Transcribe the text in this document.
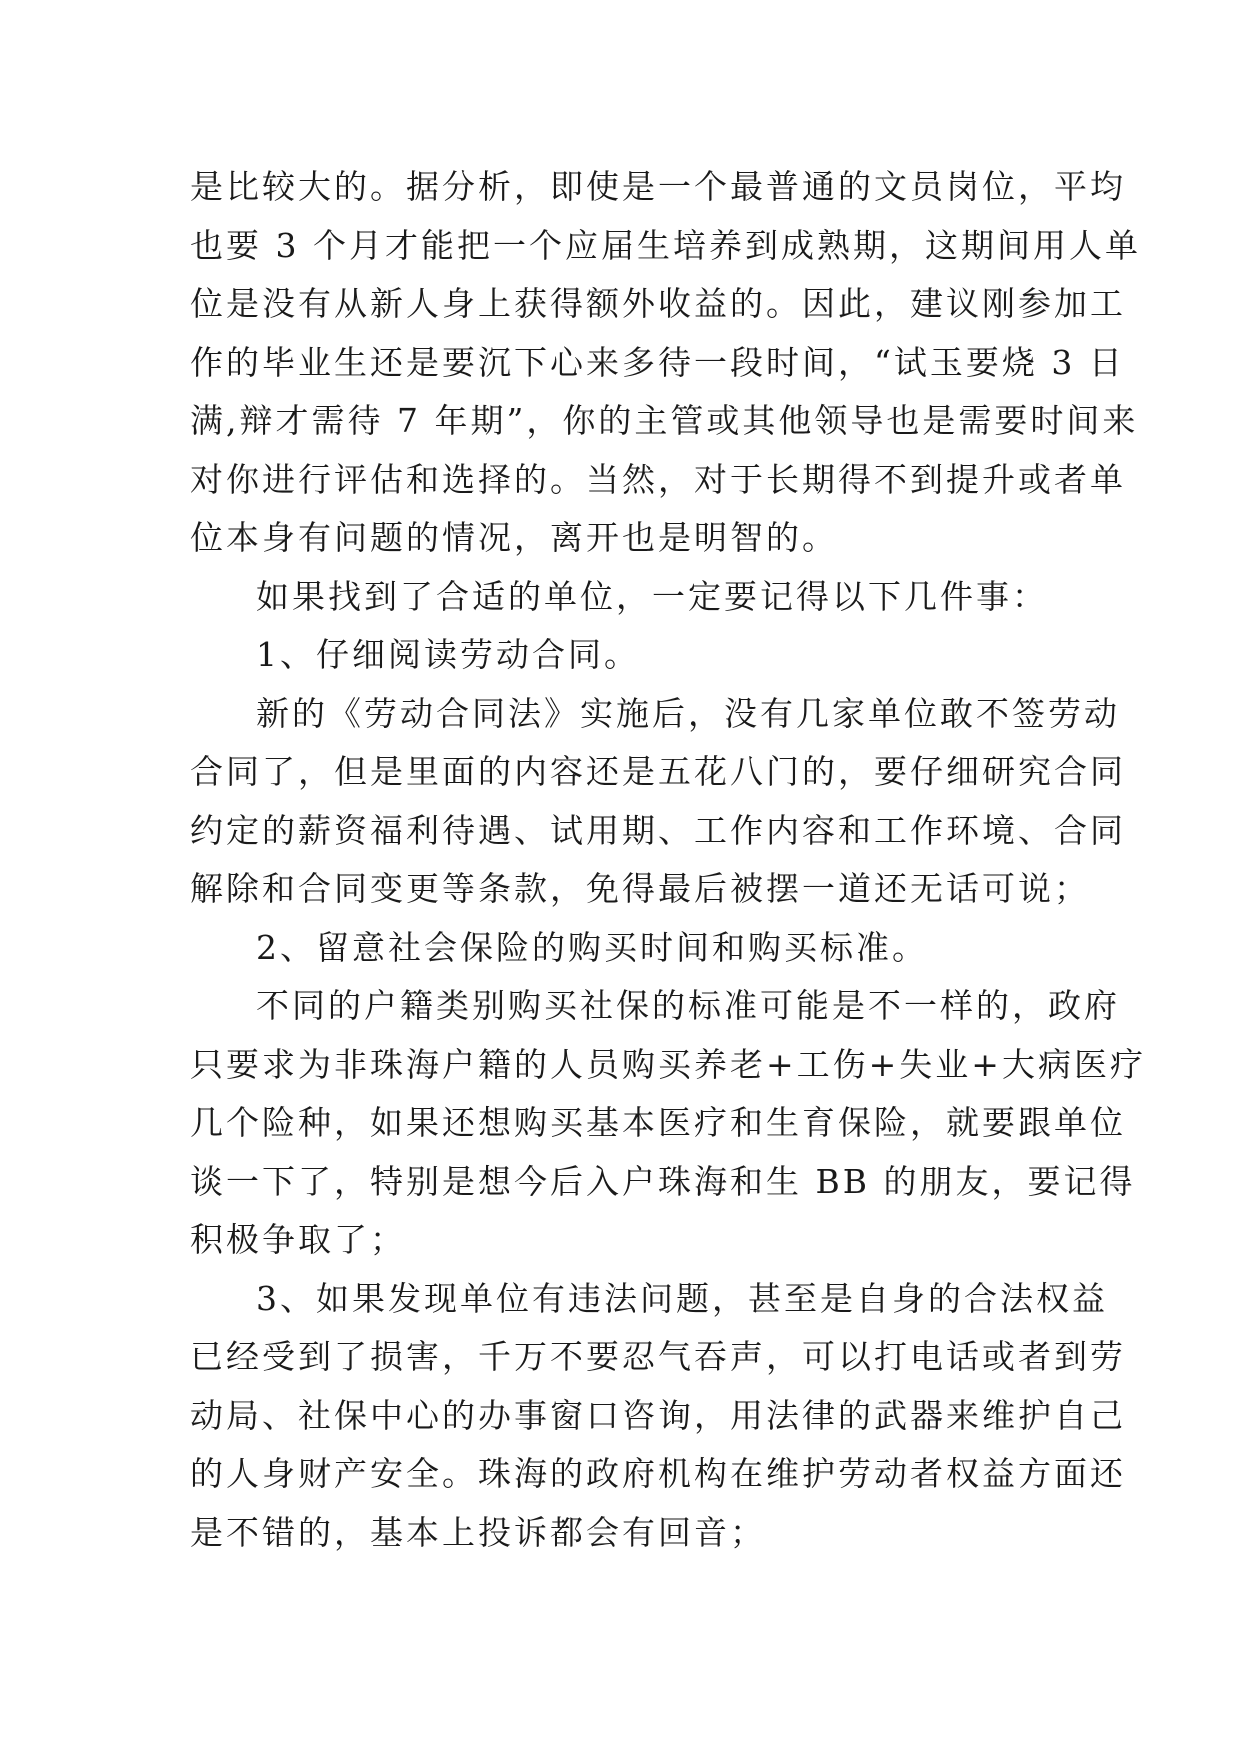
是比较大的。据分析，即使是一个最普通的文员岗位，平均
也要 3 个月才能把一个应届生培养到成熟期，这期间用人单
位是没有从新人身上获得额外收益的。因此，建议刚参加工
作的毕业生还是要沉下心来多待一段时间，“试玉要烧 3 日
满,辩才需待 7 年期”，你的主管或其他领导也是需要时间来
对你进行评估和选择的。当然，对于长期得不到提升或者单
位本身有问题的情况，离开也是明智的。
如果找到了合适的单位，一定要记得以下几件事：
1、仔细阅读劳动合同。
新的《劳动合同法》实施后，没有几家单位敢不签劳动
合同了，但是里面的内容还是五花八门的，要仔细研究合同
约定的薪资福利待遇、试用期、工作内容和工作环境、合同
解除和合同变更等条款，免得最后被摆一道还无话可说；
2、留意社会保险的购买时间和购买标准。
不同的户籍类别购买社保的标准可能是不一样的，政府
只要求为非珠海户籍的人员购买养老+工伤+失业+大病医疗
几个险种，如果还想购买基本医疗和生育保险，就要跟单位
谈一下了，特别是想今后入户珠海和生 BB 的朋友，要记得
积极争取了；
3、如果发现单位有违法问题，甚至是自身的合法权益
已经受到了损害，千万不要忍气吞声，可以打电话或者到劳
动局、社保中心的办事窗口咨询，用法律的武器来维护自己
的人身财产安全。珠海的政府机构在维护劳动者权益方面还
是不错的，基本上投诉都会有回音；
